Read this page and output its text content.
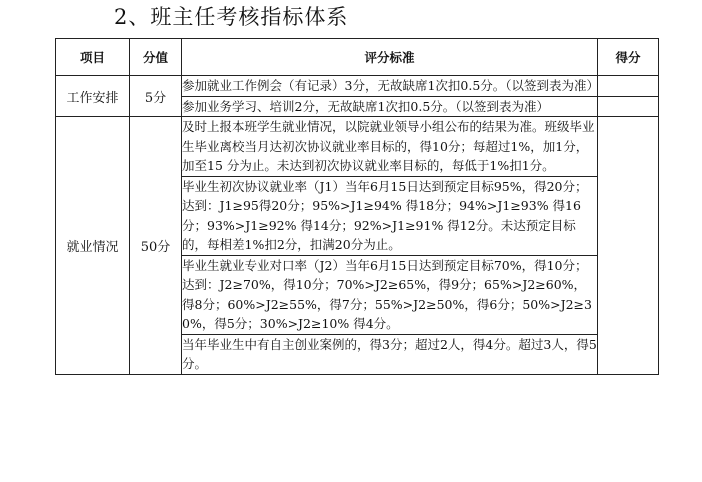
2、班主任考核指标体系
项目	分值	评分标准	得分
工作安排	5分	参加就业工作例会（有记录）3分，无故缺席1次扣0.5分。（以签到表为准）	
		参加业务学习、培训2分，无故缺席1次扣0.5分。（以签到表为准）	
就业情况	50分	及时上报本班学生就业情况，以院就业领导小组公布的结果为准。班级毕业生毕业离校当月达初次协议就业率目标的，得10分；每超过1%，加1分，加至15 分为止。未达到初次协议就业率目标的，每低于1%扣1分。	
		毕业生初次协议就业率（J1）当年6月15日达到预定目标95%，得20分；达到：J1≥95得20分；95%>J1≥94% 得18分；94%>J1≥93% 得16分；93%>J1≥92% 得14分；92%>J1≥91% 得12分。未达预定目标的，每相差1%扣2分，扣满20分为止。	
		毕业生就业专业对口率（J2）当年6月15日达到预定目标70%，得10分；达到：J2≥70%，得10分；70%>J2≥65%，得9分；65%>J2≥60%，得8分；60%>J2≥55%，得7分；55%>J2≥50%，得6分；50%>J2≥30%，得5分；30%>J2≥10% 得4分。	
		当年毕业生中有自主创业案例的，得3分；超过2人，得4分。超过3人，得5分。	
